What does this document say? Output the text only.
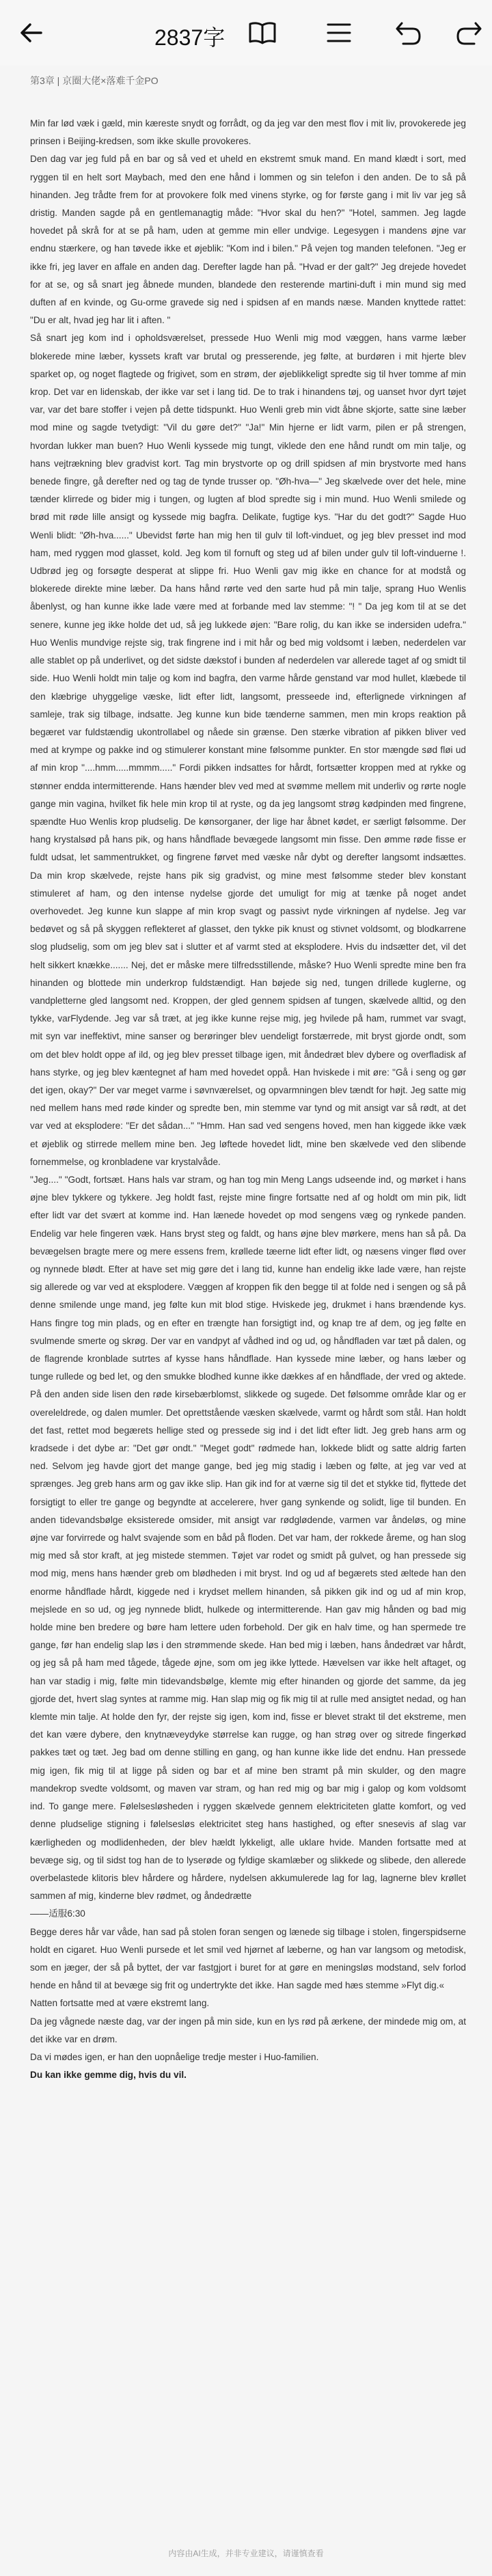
2837字
第3章 | 京圈大佬×落难千金PO

Min far lød væk i gæld, min kæreste snydt og forrådt, og da jeg var den mest flov i mit liv, provokerede jeg prinsen i Beijing-kredsen, som ikke skulle provokeres.

Den dag var jeg fuld på en bar og så ved et uheld en ekstremt smuk mand. En mand klædt i sort, med ryggen til en helt sort Maybach, med den ene hånd i lommen og sin telefon i den anden. De to så på hinanden. Jeg trådte frem for at provokere folk med vinens styrke, og for første gang i mit liv var jeg så dristig. Manden sagde på en gentlemanagtig måde: "Hvor skal du hen?" "Hotel, sammen. Jeg lagde hovedet på skrå for at se på ham, uden at gemme min eller undvige. Legesygen i mandens øjne var endnu stærkere, og han tøvede ikke et øjeblik: "Kom ind i bilen." På vejen tog manden telefonen. "Jeg er ikke fri, jeg laver en affale en anden dag. Derefter lagde han på. "Hvad er der galt?" Jeg drejede hovedet for at se, og så snart jeg åbnede munden, blandede den resterende martini-duft i min mund sig med duften af en kvinde, og Gu-orme gravede sig ned i spidsen af en mands næse. Manden knyttede rattet: "Du er alt, hvad jeg har lit i aften. "

Så snart jeg kom ind i opholdsværelset, pressede Huo Wenli mig mod væggen, hans varme læber blokerede mine læber, kyssets kraft var brutal og presserende, jeg følte, at burdøren i mit hjerte blev sparket op, og noget flagtede og frigivet, som en strøm, der øjeblikkeligt spredte sig til hver tomme af min krop. Det var en lidenskab, der ikke var set i lang tid. De to trak i hinandens tøj, og uanset hvor dyrt tøjet var, var det bare stoffer i vejen på dette tidspunkt. Huo Wenli greb min vidt åbne skjorte, satte sine læber mod mine og sagde tvetydigt: "Vil du gøre det?" "Ja!" Min hjerne er lidt varm, pilen er på strengen, hvordan lukker man buen? Huo Wenli kyssede mig tungt, viklede den ene hånd rundt om min talje, og hans vejtrækning blev gradvist kort. Tag min brystvorte op og drill spidsen af min brystvorte med hans benede fingre, gå derefter ned og tag de tynde trusser op. "Øh-hva—" Jeg skælvede over det hele, mine tænder klirrede og bider mig i tungen, og lugten af blod spredte sig i min mund. Huo Wenli smilede og brød mit røde lille ansigt og kyssede mig bagfra. Delikate, fugtige kys. "Har du det godt?" Sagde Huo Wenli blidt: "Øh-hva......" Ubevidst førte han mig hen til gulv til loft-vinduet, og jeg blev presset ind mod ham, med ryggen mod glasset, kold. Jeg kom til fornuft og steg ud af bilen under gulv til loft-vinduerne !. Udbrød jeg og forsøgte desperat at slippe fri. Huo Wenli gav mig ikke en chance for at modstå og blokerede direkte mine læber. Da hans hånd rørte ved den sarte hud på min talje, sprang Huo Wenlis åbenlyst, og han kunne ikke lade være med at forbande med lav stemme: "! " Da jeg kom til at se det senere, kunne jeg ikke holde det ud, så jeg lukkede øjen: "Bare rolig, du kan ikke se indersiden udefra." Huo Wenlis mundvige rejste sig, trak fingrene ind i mit hår og bed mig voldsomt i læben, nederdelen var alle stablet op på underlivet, og det sidste dækstof i bunden af nederdelen var allerede taget af og smidt til side. Huo Wenli holdt min talje og kom ind bagfra, den varme hårde genstand var mod hullet, klæbede til den klæbrige uhyggelige væske, lidt efter lidt, langsomt, presseede ind, efterlignede virkningen af samleje, trak sig tilbage, indsatte. Jeg kunne kun bide tænderne sammen, men min krops reaktion på begæret var fuldstændig ukontrollabel og nåede sin grænse. Den stærke vibration af pikken bliver ved med at krympe og pakke ind og stimulerer konstant mine følsomme punkter. En stor mængde sød fløi ud af min krop "....hmm.....mmmm....." Fordi pikken indsattes for hårdt, fortsætter kroppen med at rykke og stønner endda intermitterende. Hans hænder blev ved med at svømme mellem mit underliv og rørte nogle gange min vagina, hvilket fik hele min krop til at ryste, og da jeg langsomt strøg kødpinden med fingrene, spændte Huo Wenlis krop pludselig. De kønsorganer, der lige har åbnet kødet, er særligt følsomme. Der hang krystalsød på hans pik, og hans håndflade bevægede langsomt min fisse. Den ømme røde fisse er fuldt udsat, let sammentrukket, og fingrene førvet med væske når dybt og derefter langsomt indsættes. Da min krop skælvede, rejste hans pik sig gradvist, og mine mest følsomme steder blev konstant stimuleret af ham, og den intense nydelse gjorde det umuligt for mig at tænke på noget andet overhovedet. Jeg kunne kun slappe af min krop svagt og passivt nyde virkningen af nydelse. Jeg var bedøvet og så på skyggen reflekteret af glasset, den tykke pik knust og stivnet voldsomt, og blodkarrene slog pludselig, som om jeg blev sat i slutter et af varmt sted at eksplodere. Hvis du indsætter det, vil det helt sikkert knække....... Nej, det er måske mere tilfredsstillende, måske? Huo Wenli spredte mine ben fra hinanden og blottede min underkrop fuldstændigt. Han bøjede sig ned, tungen drillede kuglerne, og vandpletterne gled langsomt ned. Kroppen, der gled gennem spidsen af tungen, skælvede alltid, og den tykke, varFlydende. Jeg var så træt, at jeg ikke kunne rejse mig, jeg hvilede på ham, rummet var svagt, mit syn var ineffektivt, mine sanser og berøringer blev uendeligt forstærrede, mit bryst gjorde ondt, som om det blev holdt oppe af ild, og jeg blev presset tilbage igen, mit åndedræt blev dybere og overfladisk af hans styrke, og jeg blev kæntegnet af ham med hovedet oppå. Han hviskede i mit øre: "Gå i seng og gør det igen, okay?" Der var meget varme i søvnværelset, og opvarmningen blev tændt for højt. Jeg satte mig ned mellem hans med røde kinder og spredte ben, min stemme var tynd og mit ansigt var så rødt, at det var ved at eksplodere: "Er det sådan..." "Hmm. Han sad ved sengens hoved, men han kiggede ikke væk et øjeblik og stirrede mellem mine ben. Jeg løftede hovedet lidt, mine ben skælvede ved den slibende fornemmelse, og kronbladene var krystalvåde.

"Jeg...." "Godt, fortsæt. Hans hals var stram, og han tog min Meng Langs udseende ind, og mørket i hans øjne blev tykkere og tykkere. Jeg holdt fast, rejste mine fingre fortsatte ned af og holdt om min pik, lidt efter lidt var det svært at komme ind. Han lænede hovedet op mod sengens væg og rynkede panden. Endelig var hele fingeren væk. Hans bryst steg og faldt, og hans øjne blev mørkere, mens han så på. Da bevægelsen bragte mere og mere essens frem, krøllede tæerne lidt efter lidt, og næsens vinger flød over og nynnede blødt. Efter at have set mig gøre det i lang tid, kunne han endelig ikke lade være, han rejste sig allerede og var ved at eksplodere. Væggen af kroppen fik den begge til at folde ned i sengen og så på denne smilende unge mand, jeg følte kun mit blod stige. Hviskede jeg, drukmet i hans brændende kys. Hans fingre tog min plads, og en efter en trængte han forsigtigt ind, og knap tre af dem, og jeg følte en svulmende smerte og skrøg. Der var en vandpyt af vådhed ind og ud, og håndfladen var tæt på dalen, og de flagrende kronblade sutrtes af kysse hans håndflade. Han kyssede mine læber, og hans læber og tunge rullede og bed let, og den smukke blodhed kunne ikke dækkes af en håndflade, der vred og aktede. På den anden side lisen den røde kirsebærblomst, slikkede og sugede. Det følsomme område klar og er overeleldrede, og dalen mumler. Det oprettstående væsken skælvede, varmt og hårdt som stål. Han holdt det fast, rettet mod begærets hellige sted og pressede sig ind i det lidt efter lidt. Jeg greb hans arm og kradsede i det dybe ar: "Det gør ondt." "Meget godt" rødmede han, lokkede blidt og satte aldrig farten ned. Selvom jeg havde gjort det mange gange, bed jeg mig stadig i læben og følte, at jeg var ved at sprænges. Jeg greb hans arm og gav ikke slip. Han gik ind for at værne sig til det et stykke tid, flyttede det forsigtigt to eller tre gange og begyndte at accelerere, hver gang synkende og solidt, lige til bunden. En anden tidevandsbølge eksisterede omsider, mit ansigt var rødglødende, varmen var åndeløs, og mine øjne var forvirrede og halvt svajende som en båd på floden. Det var ham, der rokkede åreme, og han slog mig med så stor kraft, at jeg mistede stemmen. Tøjet var rodet og smidt på gulvet, og han pressede sig mod mig, mens hans hænder greb om blødheden i mit bryst. Ind og ud af begærets sted æltede han den enorme håndflade hårdt, kiggede ned i krydset mellem hinanden, så pikken gik ind og ud af min krop, mejslede en so ud, og jeg nynnede blidt, hulkede og intermitterende. Han gav mig hånden og bad mig holde mine ben bredere og børe ham lettere uden forbehold. Der gik en halv time, og han spermede tre gange, før han endelig slap løs i den strømmende skede. Han bed mig i læben, hans åndedræt var hårdt, og jeg så på ham med tågede, tågede øjne, som om jeg ikke lyttede. Hævelsen var ikke helt aftaget, og han var stadig i mig, følte min tidevandsbølge, klemte mig efter hinanden og gjorde det samme, da jeg gjorde det, hvert slag syntes at ramme mig. Han slap mig og fik mig til at rulle med ansigtet nedad, og han klemte min talje. At holde den fyr, der rejste sig igen, kom ind, fisse er blevet strakt til det ekstreme, men det kan være dybere, den knytnæveydyke størrelse kan rugge, og han strøg over og sitrede fingerkød pakkes tæt og tæt. Jeg bad om denne stilling en gang, og han kunne ikke lide det endnu. Han pressede mig igen, fik mig til at ligge på siden og bar et af mine ben stramt på min skulder, og den magre mandekrop svedte voldsomt, og maven var stram, og han red mig og bar mig i galop og kom voldsomt ind. To gange mere. Følelsesløsheden i ryggen skælvede gennem elektriciteten glatte komfort, og ved denne pludselige stigning i følelsesløs elektricitet steg hans hastighed, og efter snesevis af slag var kærligheden og modlidenheden, der blev hældt lykkeligt, alle uklare hvide. Manden fortsatte med at bevæge sig, og til sidst tog han de to lyserøde og fyldige skamlæber og slikkede og slibede, den allerede overbelastede klitoris blev hårdere og hårdere, nydelsen akkumulerede lag for lag, lagnerne blev krøllet sammen af mig, kinderne blev rødmet, og åndedrætte

——适服6:30

Begge deres hår var våde, han sad på stolen foran sengen og lænede sig tilbage i stolen, fingerspidserne holdt en cigaret. Huo Wenli pursede et let smil ved hjørnet af læberne, og han var langsom og metodisk, som en jæger, der så på byttet, der var fastgjort i buret for at gøre en meningsløs modstand, selv forlod hende en hånd til at bevæge sig frit og undertrykte det ikke. Han sagde med hæs stemme »Flyt dig.«

Natten fortsatte med at være ekstremt lang.

Da jeg vågnede næste dag, var der ingen på min side, kun en lys rød på ærkene, der mindede mig om, at det ikke var en drøm.

Da vi mødes igen, er han den uopnåelige tredje mester i Huo-familien.

Du kan ikke gemme dig, hvis du vil.

内容由AI生成，并非专业建议，请谨慎查看
